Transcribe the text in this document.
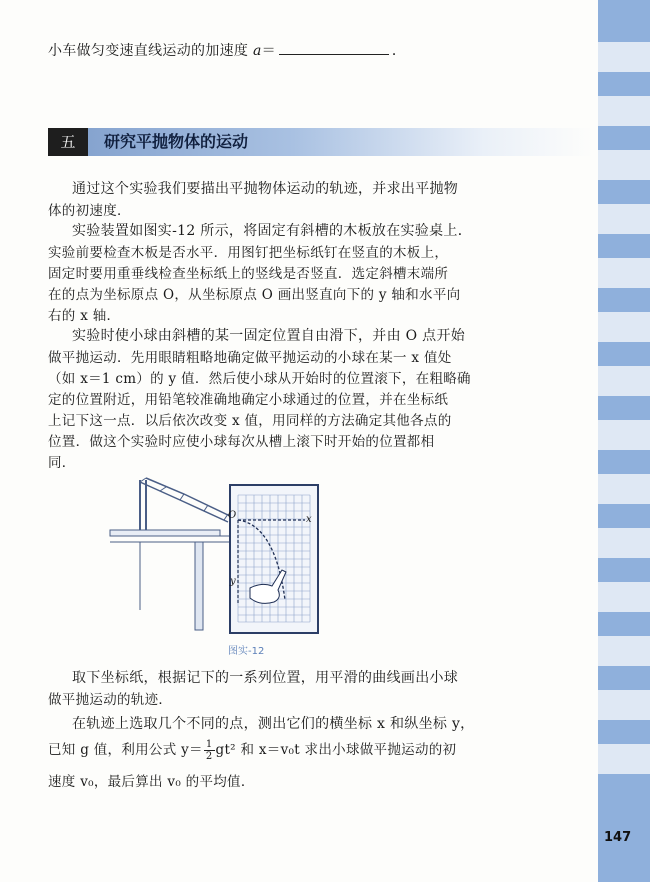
小车做匀变速直线运动的加速度 a＝	．
五	研究平抛物体的运动
通过这个实验我们要描出平抛物体运动的轨迹，并求出平抛物
体的初速度．
实验装置如图实-12 所示，将固定有斜槽的木板放在实验桌上．
实验前要检查木板是否水平．用图钉把坐标纸钉在竖直的木板上，
固定时要用重垂线检查坐标纸上的竖线是否竖直．选定斜槽末端所
在的点为坐标原点 O，从坐标原点 O 画出竖直向下的 y 轴和水平向
右的 x 轴．
实验时使小球由斜槽的某一固定位置自由滑下，并由 O 点开始
做平抛运动．先用眼睛粗略地确定做平抛运动的小球在某一 x 值处
（如 x＝1 cm）的 y 值．然后使小球从开始时的位置滚下，在粗略确
定的位置附近，用铅笔较准确地确定小球通过的位置，并在坐标纸
上记下这一点．以后依次改变 x 值，用同样的方法确定其他各点的
位置．做这个实验时应使小球每次从槽上滚下时开始的位置都相
同．
O	x
y
图实-12
取下坐标纸，根据记下的一系列位置，用平滑的曲线画出小球
做平抛运动的轨迹．
在轨迹上选取几个不同的点，测出它们的横坐标 x 和纵坐标 y，
已知 g 值，利用公式 $y= \frac{1}{2} gt^2$ 和 x＝v₀t 求出小球做平抛运动的初
速度 v₀，最后算出 v₀ 的平均值．
147
